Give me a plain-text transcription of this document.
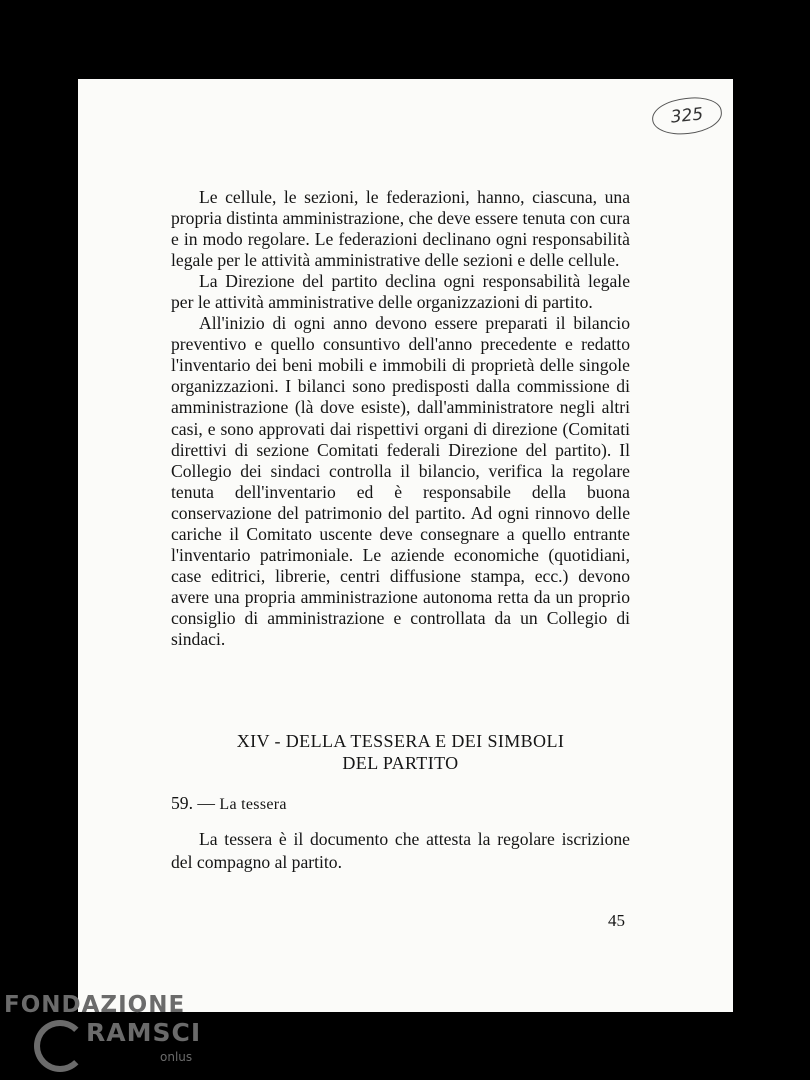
325

Le cellule, le sezioni, le federazioni, hanno, ciascuna, una propria distinta amministrazione, che deve essere tenuta con cura e in modo regolare. Le federazioni declinano ogni responsabilità legale per le attività amministrative delle sezioni e delle cellule.

La Direzione del partito declina ogni responsabilità legale per le attività amministrative delle organizzazioni di partito.

All'inizio di ogni anno devono essere preparati il bilancio preventivo e quello consuntivo dell'anno precedente e redatto l'inventario dei beni mobili e immobili di proprietà delle singole organizzazioni. I bilanci sono predisposti dalla commissione di amministrazione (là dove esiste), dall'amministratore negli altri casi, e sono approvati dai rispettivi organi di direzione (Comitati direttivi di sezione Comitati federali Direzione del partito). Il Collegio dei sindaci controlla il bilancio, verifica la regolare tenuta dell'inventario ed è responsabile della buona conservazione del patrimonio del partito. Ad ogni rinnovo delle cariche il Comitato uscente deve consegnare a quello entrante l'inventario patrimoniale. Le aziende economiche (quotidiani, case editrici, librerie, centri diffusione stampa, ecc.) devono avere una propria amministrazione autonoma retta da un proprio consiglio di amministrazione e controllata da un Collegio di sindaci.

XIV - DELLA TESSERA E DEI SIMBOLI
DEL PARTITO
59. — La tessera

La tessera è il documento che attesta la regolare iscrizione del compagno al partito.

45
FONDAZIONE
RAMSCI
onlus
